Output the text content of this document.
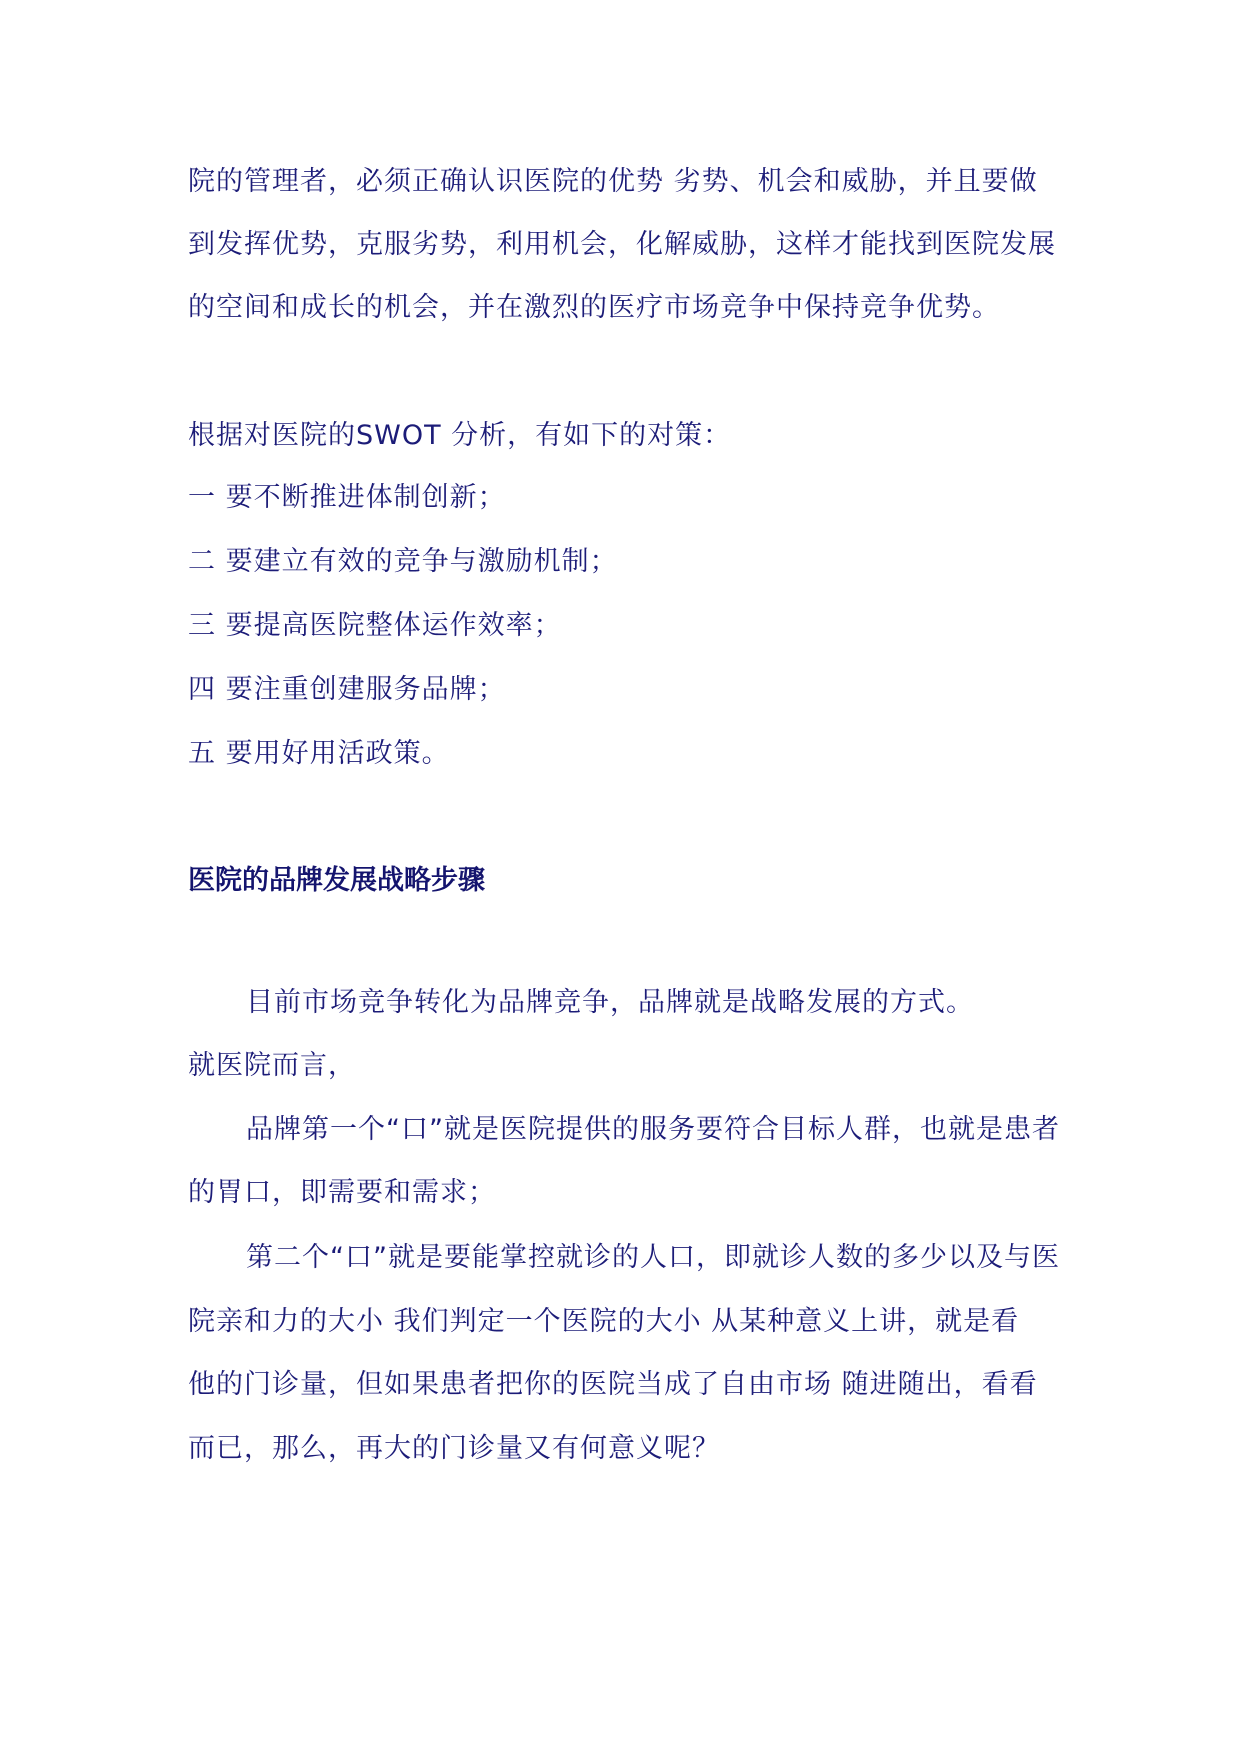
院的管理者，必须正确认识医院的优势 劣势、机会和威胁，并且要做
到发挥优势，克服劣势，利用机会，化解威胁，这样才能找到医院发展
的空间和成长的机会，并在激烈的医疗市场竞争中保持竞争优势。
根据对医院的SWOT 分析，有如下的对策：
一 要不断推进体制创新；
二 要建立有效的竞争与激励机制；
三 要提高医院整体运作效率；
四 要注重创建服务品牌；
五 要用好用活政策。
医院的品牌发展战略步骤
目前市场竞争转化为品牌竞争，品牌就是战略发展的方式。
就医院而言，
品牌第一个“口”就是医院提供的服务要符合目标人群，也就是患者
的胃口，即需要和需求；
第二个“口”就是要能掌控就诊的人口，即就诊人数的多少以及与医
院亲和力的大小 我们判定一个医院的大小 从某种意义上讲，就是看
他的门诊量，但如果患者把你的医院当成了自由市场 随进随出，看看
而已，那么，再大的门诊量又有何意义呢？
